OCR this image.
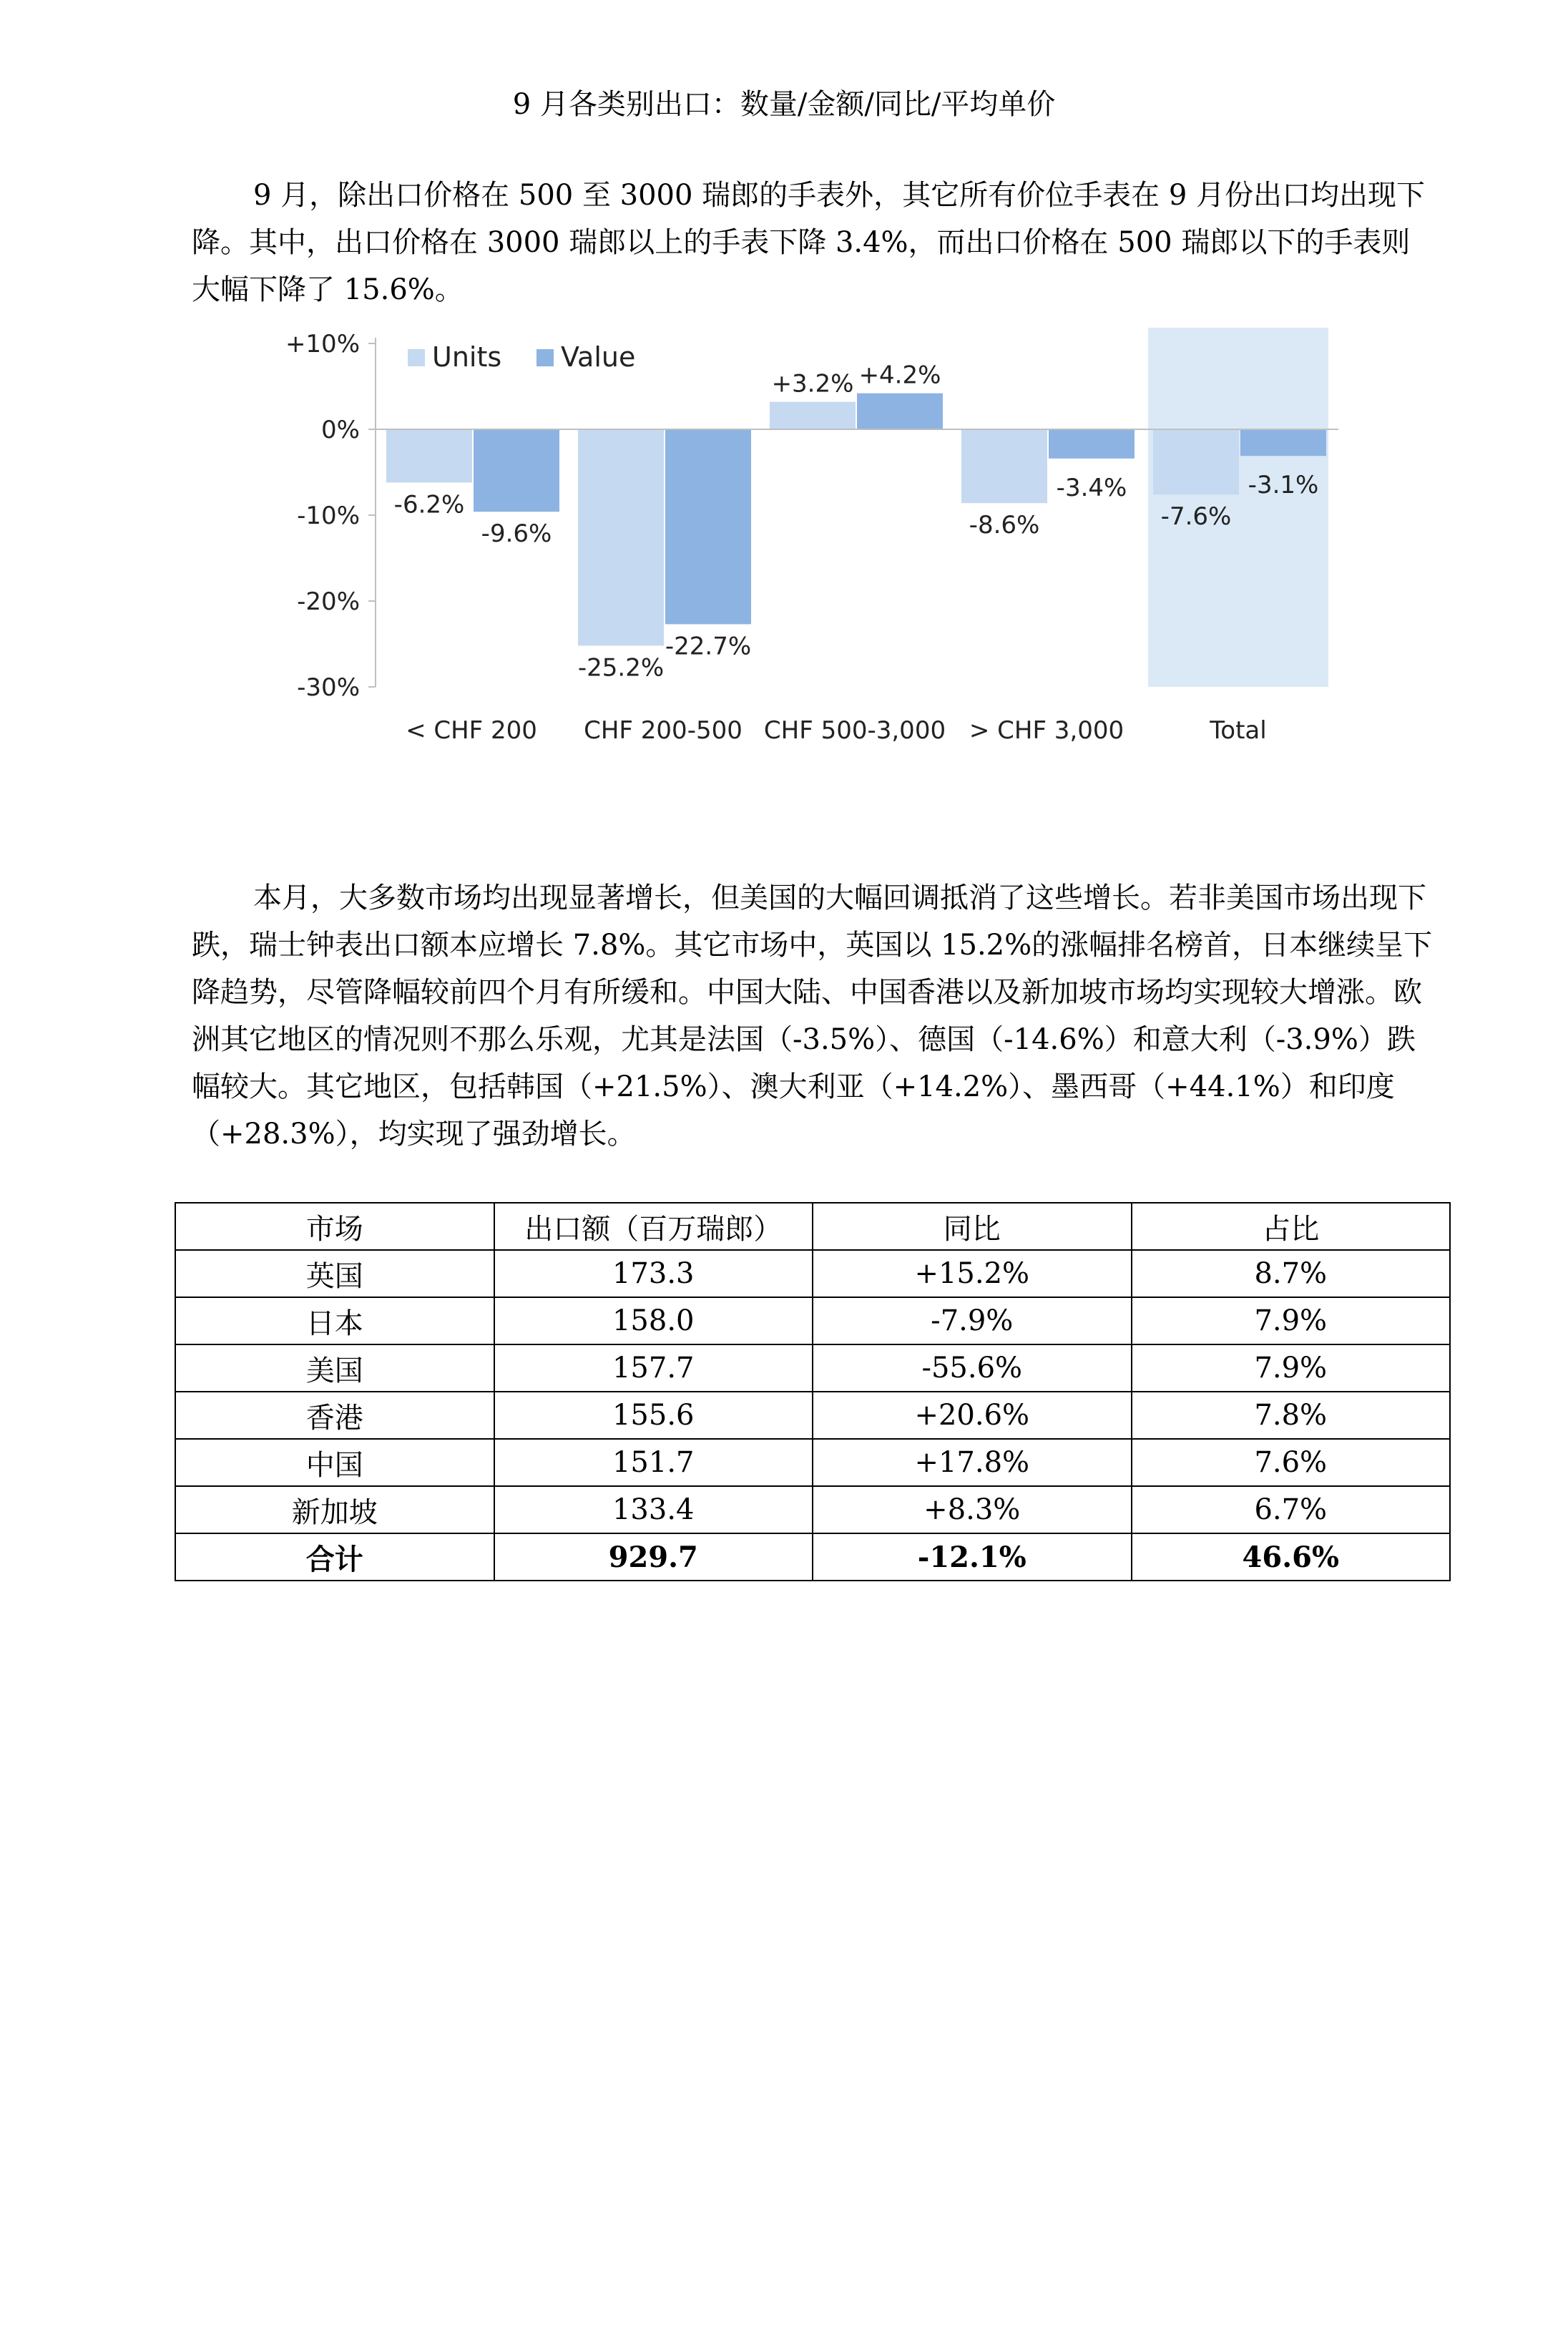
9 月各类别出口：数量/金额/同比/平均单价

9 月，除出口价格在 500 至 3000 瑞郎的手表外，其它所有价位手表在 9 月份出口均出现下降。其中，出口价格在 3000 瑞郎以上的手表下降 3.4%，而出口价格在 500 瑞郎以下的手表则大幅下降了 15.6%。

+10%
0%
-10%
-20%
-30%
-6.2%
-9.6%
< CHF 200
-25.2%
-22.7%
CHF 200-500
+3.2% +4.2%
CHF 500-3,000
-8.6%
-3.4%
> CHF 3,000
-7.6%
-3.1%
Total
Units Value

本月，大多数市场均出现显著增长，但美国的大幅回调抵消了这些增长。若非美国市场出现下跌，瑞士钟表出口额本应增长 7.8%。其它市场中，英国以 15.2%的涨幅排名榜首，日本继续呈下降趋势，尽管降幅较前四个月有所缓和。中国大陆、中国香港以及新加坡市场均实现较大增涨。欧洲其它地区的情况则不那么乐观，尤其是法国（-3.5%）、德国（-14.6%）和意大利（-3.9%）跌幅较大。其它地区，包括韩国（+21.5%）、澳大利亚（+14.2%）、墨西哥（+44.1%）和印度（+28.3%），均实现了强劲增长。

市场	出口额（百万瑞郎）	同比	占比
英国	173.3	+15.2%	8.7%
日本	158.0	-7.9%	7.9%
美国	157.7	-55.6%	7.9%
香港	155.6	+20.6%	7.8%
中国	151.7	+17.8%	7.6%
新加坡	133.4	+8.3%	6.7%
合计	929.7	-12.1%	46.6%
